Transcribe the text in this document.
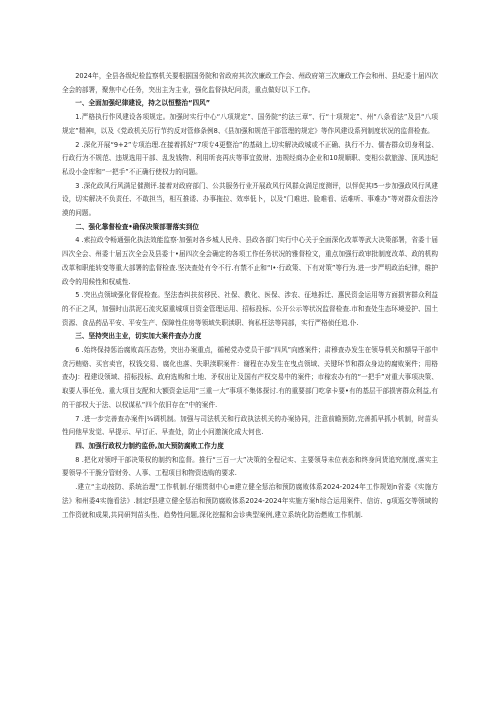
2024年，全县各级纪检监察机关要根据国务院和省政府其次次廉政工作会、州政府第三次廉政工作会和州、县纪委十届四次全会的部署，聚焦中心任务，突出主为主业，强化监督执纪问责，重点做好以下工作。

一、全面加强纪律建设，持之以恒整治“四风”

1.严格执行作风建设各项规定。加强时实行中心“八项规定”、国务院“约法三章”、行“十项规定”、州“八条看法”及县“八项规定”精神I，以及《党政机关厉行节约反对管修条例8、《县加强和规范干部管理的规定》等作风建设系列制度状况的监督检查。

2 .深化开展“9+2”专项治理.在接着抓好“7项专4更整治”的基础上,切实解决政城或不正确、执行不力、儒杏群众切身利益、行政行为不规范、违规选用干部、乱发钱物、利用昕丧再庆等事宜敛财、违规经商办企业和10规顺职、变相公款旅游、顶风违纪私设小金库和“一把手”不正确行使权力的问题。

3 .深化政风行风满足催测评.接着对政府部门、公共服务行业开展政风行风群众满足度测评，以怦促其I5一步加强政风行风建设，切实解决不负责任、不敢担当，相互推诿、办事拖拉、效率低卜，以及“门难进、脸难看、话难听、事难办”等对群众看法冷漠的问题。

二、强化靠督检查•确保决策部署落实到位

4 .索拉政令畅通强化执法效能监察·加强对各乡城人民舟、县政各部门实行中心关于全面深化改革等武大决策部署，省委十届四次全会、州委十届五次全会及县委十•届四次全会确定的各项工作任务状况的雅督检文，重点加强行政审批制度改革、政的机构改革和职能转变等重大部署的监督检查.坚决查处有令不行.有禁不止和“I•·行政策、下有对策”等行为.进一步严明政治纪律，维护政令的用候性和权威性.

5 .突出点领域强化督促检查。坚法杳纠扶贫移民、社保、教化、医保、涉农、征地拆迁、惠民资金运用等方面损害群众利益的不正之风，加强时山洪泥石流灾原重城项目资金管理运用、招标投标、公开公示等状况监督检查.市和查处生态环境爱护、国土资源、食品药品平安、平安生产、保障性住房等领域失职渎职、徇私枉法等同部，实行严格侦任追.仆.

三、坚持突出主业，切实加大案件查办力度

6 .始终保持惩治腐败高压态势，突出办案重点，循秘党办党员干部“四风”向感案件；肃穆查办发生在领导机关和额导干部中贪污贿赂、买官卖官，权钱交易、腐化也落、失职渎职案件：谢程在办发生在曳点领域、关键环节和群众身边的腐败案件；用格查办J：程建设领域、招标投标、政府选购和土地、矛权出让及国有产权交易中的案件；市稼农办有的“一把手”对重大事项决策、取要人事任免、重大项目支配和大额资金运用“三重一大”事项不集体探讨.有的重要部门吃拿卡要•有的基层干部损害群众利益,有的干部权大于法、以权谋私”四个依旧存在”中的案件.

7 .进一步完善查办案件|⅛调机制。加强与司法机关和行政执法机关的办案协同，注意前瞻预防,完善抓早抓小机制，时苗头性问他早发觉、早提示、早订正、早查处，防止小问邀演化成大何也.

四、加强行政权力制约监侨,加大预防腐败工作力度

8 .把化对领呼干部决策权的制约和监督。推行“三百一大”决策的全程记实、主要领导未位表态和终身问货追究制度,落实主要领导不干脆分管财务、人事、工程项目和物资选购的要求.

.建立“主动按防、系统治理”工作机制.仔细贯彻中心≡建立健全惩治和预防腐败体系2024-2024年工作规划n省委《实施方法》和州委4实施看法》.制定f县建立健全惩治和预防腐败体系2024-2024年实施方案h综合运用案件、信访、g项巡交等领域的工作资就和成果,共同研判苗头性、趋势性问题,深化挖掘和会诊典型案例,建立系统化防治燃败工作机制.
